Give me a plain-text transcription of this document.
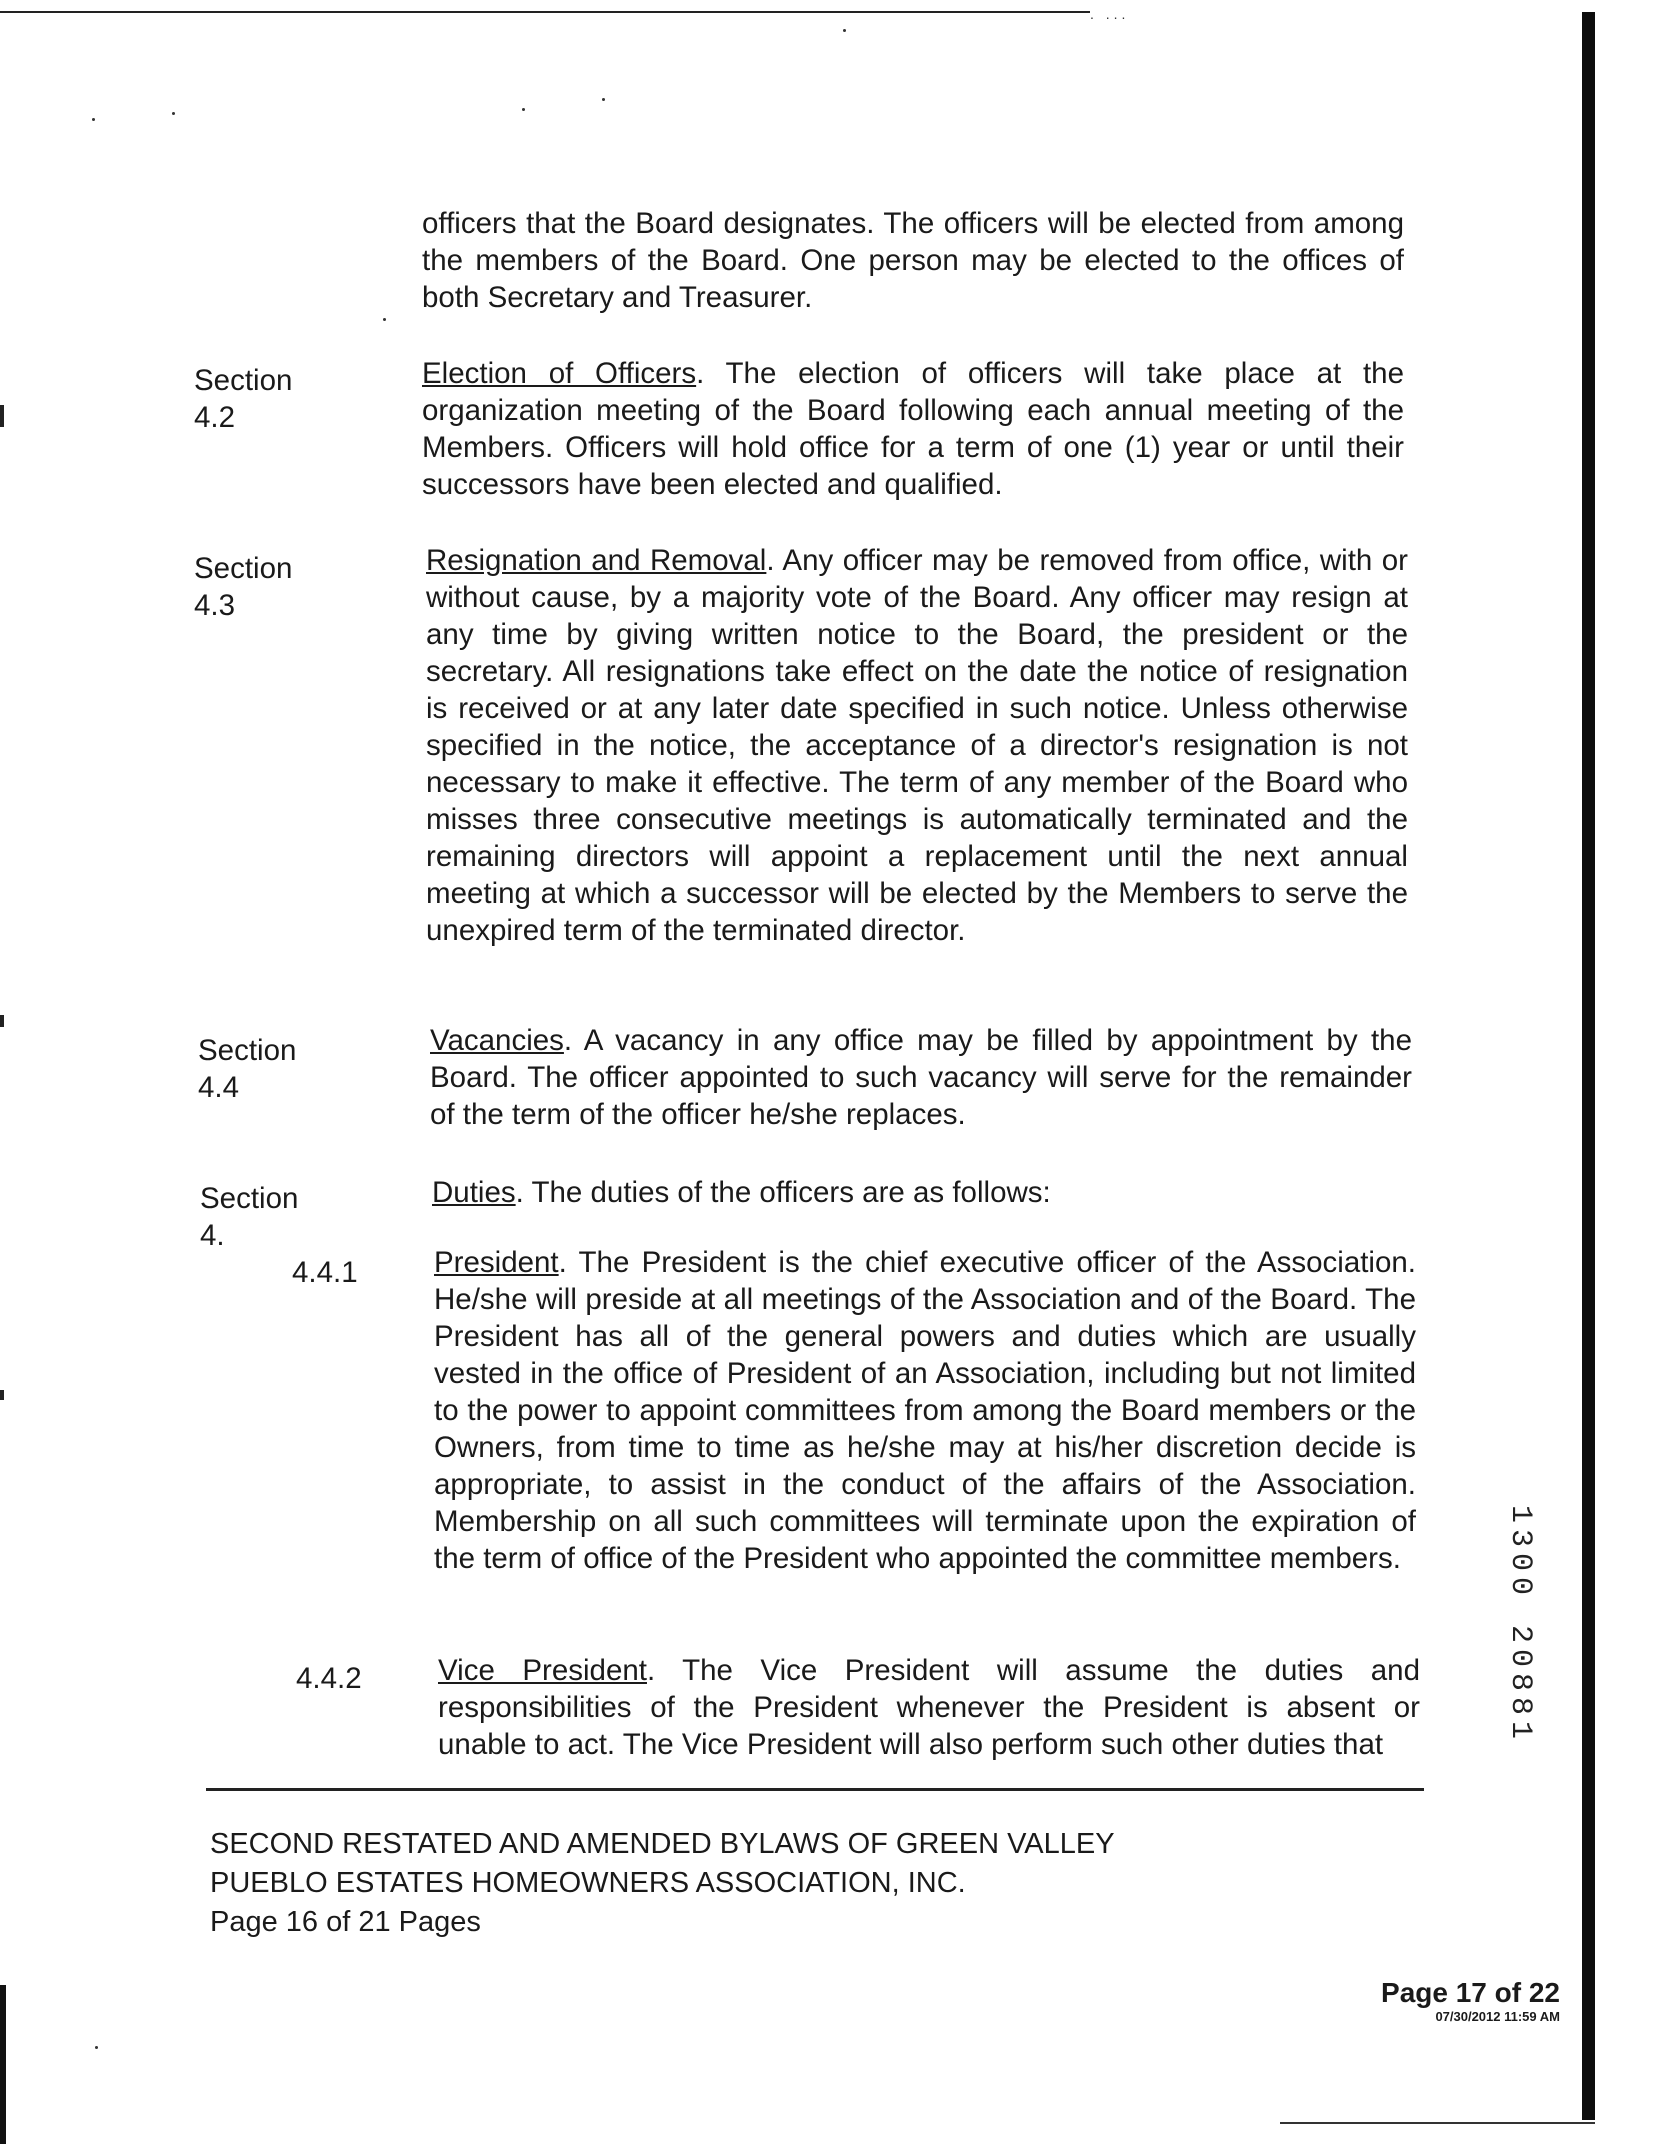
. ...
officers that the Board designates. The officers will be elected from among the members of the Board. One person may be elected to the offices of both Secretary and Treasurer.
Section 4.2
Election of Officers. The election of officers will take place at the organization meeting of the Board following each annual meeting of the Members. Officers will hold office for a term of one (1) year or until their successors have been elected and qualified.
Section 4.3
Resignation and Removal. Any officer may be removed from office, with or without cause, by a majority vote of the Board. Any officer may resign at any time by giving written notice to the Board, the president or the secretary. All resignations take effect on the date the notice of resignation is received or at any later date specified in such notice. Unless otherwise specified in the notice, the acceptance of a director's resignation is not necessary to make it effective. The term of any member of the Board who misses three consecutive meetings is automatically terminated and the remaining directors will appoint a replacement until the next annual meeting at which a successor will be elected by the Members to serve the unexpired term of the terminated director.
Section 4.4
Vacancies. A vacancy in any office may be filled by appointment by the Board. The officer appointed to such vacancy will serve for the remainder of the term of the officer he/she replaces.
Section 4.
Duties. The duties of the officers are as follows:
4.4.1	President. The President is the chief executive officer of the Association. He/she will preside at all meetings of the Association and of the Board. The President has all of the general powers and duties which are usually vested in the office of President of an Association, including but not limited to the power to appoint committees from among the Board members or the Owners, from time to time as he/she may at his/her discretion decide is appropriate, to assist in the conduct of the affairs of the Association. Membership on all such committees will terminate upon the expiration of the term of office of the President who appointed the committee members.
4.4.2	Vice President. The Vice President will assume the duties and responsibilities of the President whenever the President is absent or unable to act. The Vice President will also perform such other duties that
SECOND RESTATED AND AMENDED BYLAWS OF GREEN VALLEY
PUEBLO ESTATES HOMEOWNERS ASSOCIATION, INC.
Page 16 of 21 Pages
Page 17 of 22
07/30/2012 11:59 AM
1300 20881
